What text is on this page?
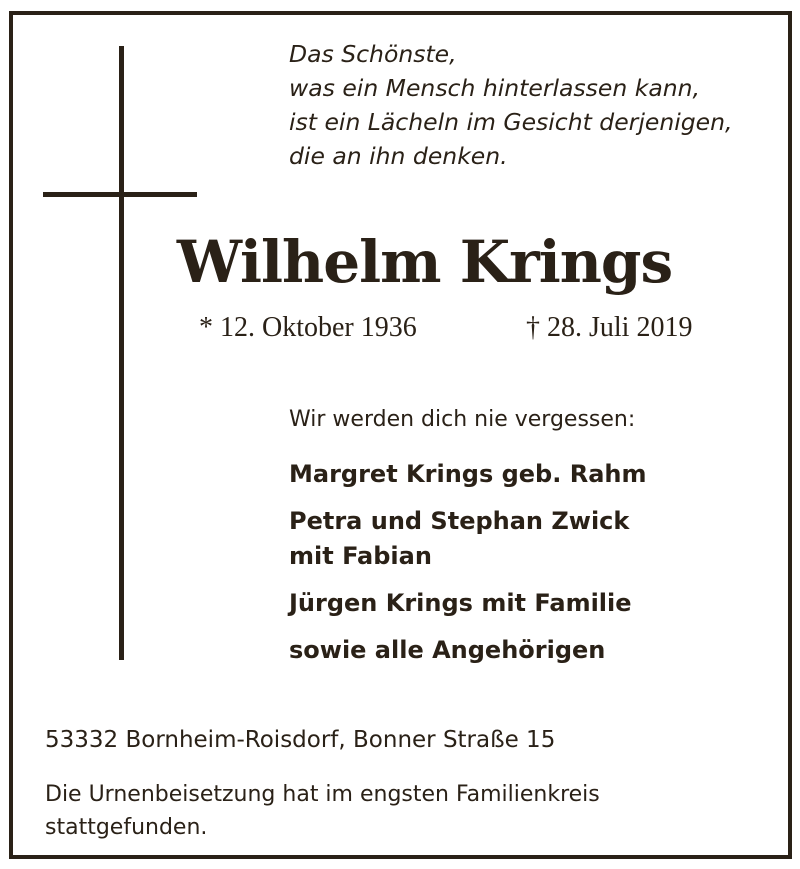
Das Schönste,
was ein Mensch hinterlassen kann,
ist ein Lächeln im Gesicht derjenigen,
die an ihn denken.
Wilhelm Krings
* 12. Oktober 1936	† 28. Juli 2019
Wir werden dich nie vergessen:
Margret Krings geb. Rahm
Petra und Stephan Zwick
mit Fabian
Jürgen Krings mit Familie
sowie alle Angehörigen
53332 Bornheim-Roisdorf, Bonner Straße 15
Die Urnenbeisetzung hat im engsten Familienkreis stattgefunden.
